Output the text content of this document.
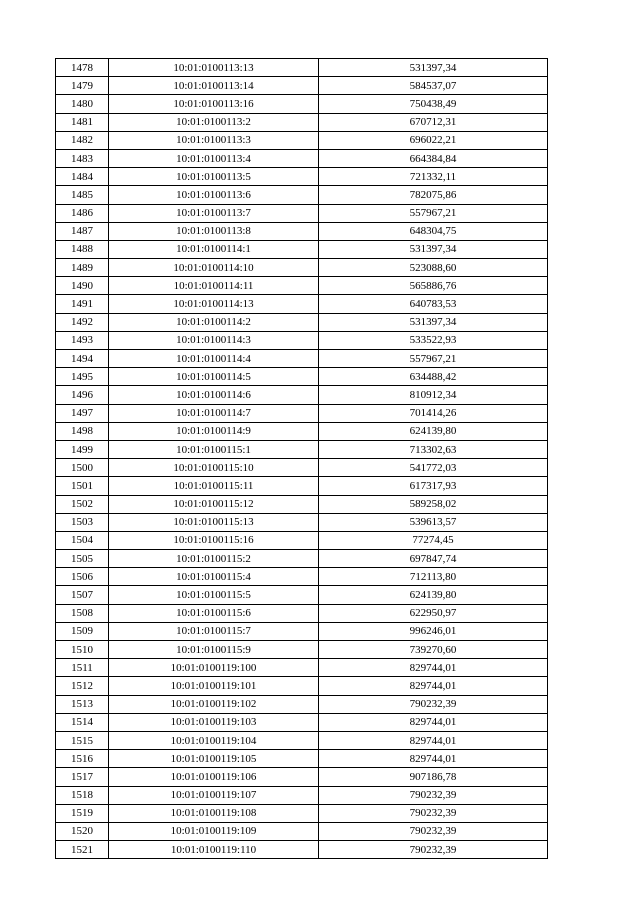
1478	10:01:0100113:13	531397,34
1479	10:01:0100113:14	584537,07
1480	10:01:0100113:16	750438,49
1481	10:01:0100113:2	670712,31
1482	10:01:0100113:3	696022,21
1483	10:01:0100113:4	664384,84
1484	10:01:0100113:5	721332,11
1485	10:01:0100113:6	782075,86
1486	10:01:0100113:7	557967,21
1487	10:01:0100113:8	648304,75
1488	10:01:0100114:1	531397,34
1489	10:01:0100114:10	523088,60
1490	10:01:0100114:11	565886,76
1491	10:01:0100114:13	640783,53
1492	10:01:0100114:2	531397,34
1493	10:01:0100114:3	533522,93
1494	10:01:0100114:4	557967,21
1495	10:01:0100114:5	634488,42
1496	10:01:0100114:6	810912,34
1497	10:01:0100114:7	701414,26
1498	10:01:0100114:9	624139,80
1499	10:01:0100115:1	713302,63
1500	10:01:0100115:10	541772,03
1501	10:01:0100115:11	617317,93
1502	10:01:0100115:12	589258,02
1503	10:01:0100115:13	539613,57
1504	10:01:0100115:16	77274,45
1505	10:01:0100115:2	697847,74
1506	10:01:0100115:4	712113,80
1507	10:01:0100115:5	624139,80
1508	10:01:0100115:6	622950,97
1509	10:01:0100115:7	996246,01
1510	10:01:0100115:9	739270,60
1511	10:01:0100119:100	829744,01
1512	10:01:0100119:101	829744,01
1513	10:01:0100119:102	790232,39
1514	10:01:0100119:103	829744,01
1515	10:01:0100119:104	829744,01
1516	10:01:0100119:105	829744,01
1517	10:01:0100119:106	907186,78
1518	10:01:0100119:107	790232,39
1519	10:01:0100119:108	790232,39
1520	10:01:0100119:109	790232,39
1521	10:01:0100119:110	790232,39
